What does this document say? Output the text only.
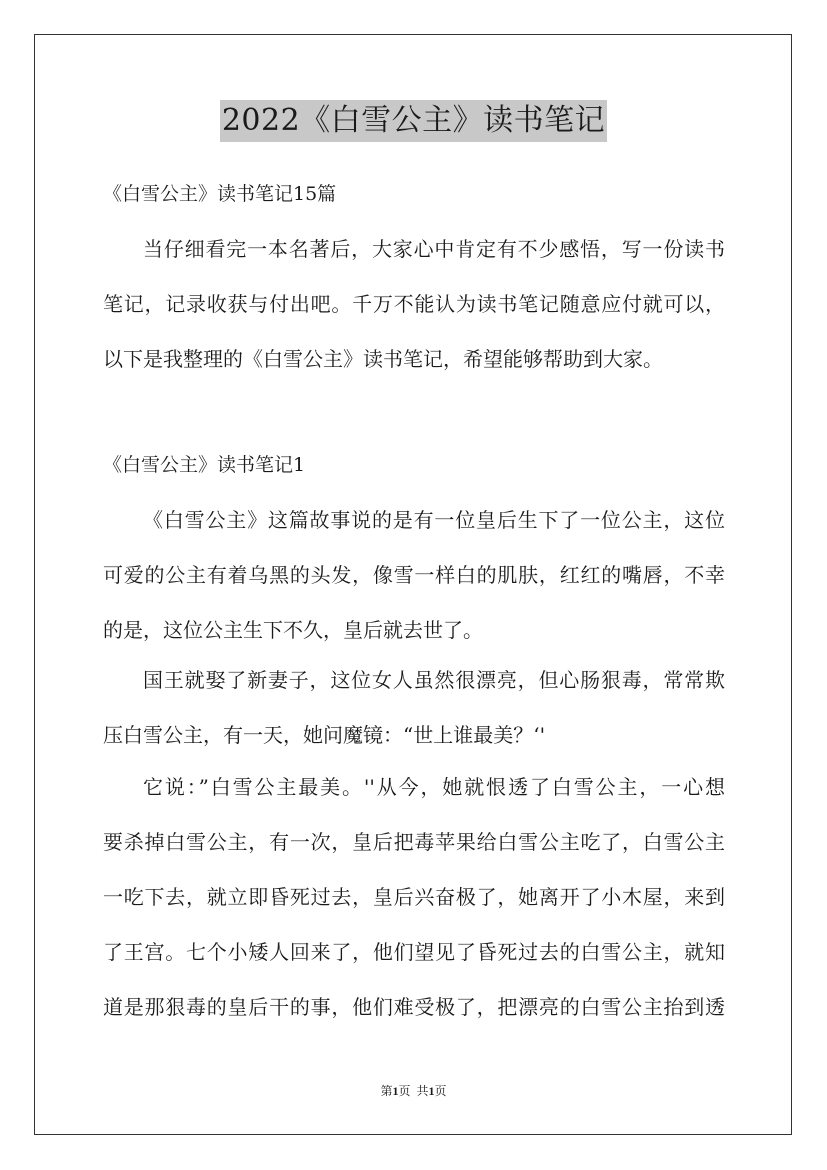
2022《白雪公主》读书笔记
《白雪公主》读书笔记15篇
当仔细看完一本名著后，大家心中肯定有不少感悟，写一份读书
笔记，记录收获与付出吧。千万不能认为读书笔记随意应付就可以，
以下是我整理的《白雪公主》读书笔记，希望能够帮助到大家。
《白雪公主》读书笔记1
《白雪公主》这篇故事说的是有一位皇后生下了一位公主，这位
可爱的公主有着乌黑的头发，像雪一样白的肌肤，红红的嘴唇，不幸
的是，这位公主生下不久，皇后就去世了。
国王就娶了新妻子，这位女人虽然很漂亮，但心肠狠毒，常常欺
压白雪公主，有一天，她问魔镜：“世上谁最美？‘'
它说：”白雪公主最美。''从今，她就恨透了白雪公主，一心想
要杀掉白雪公主，有一次，皇后把毒苹果给白雪公主吃了，白雪公主
一吃下去，就立即昏死过去，皇后兴奋极了，她离开了小木屋，来到
了王宫。七个小矮人回来了，他们望见了昏死过去的白雪公主，就知
道是那狠毒的皇后干的事，他们难受极了，把漂亮的白雪公主抬到透
第1页  共1页
